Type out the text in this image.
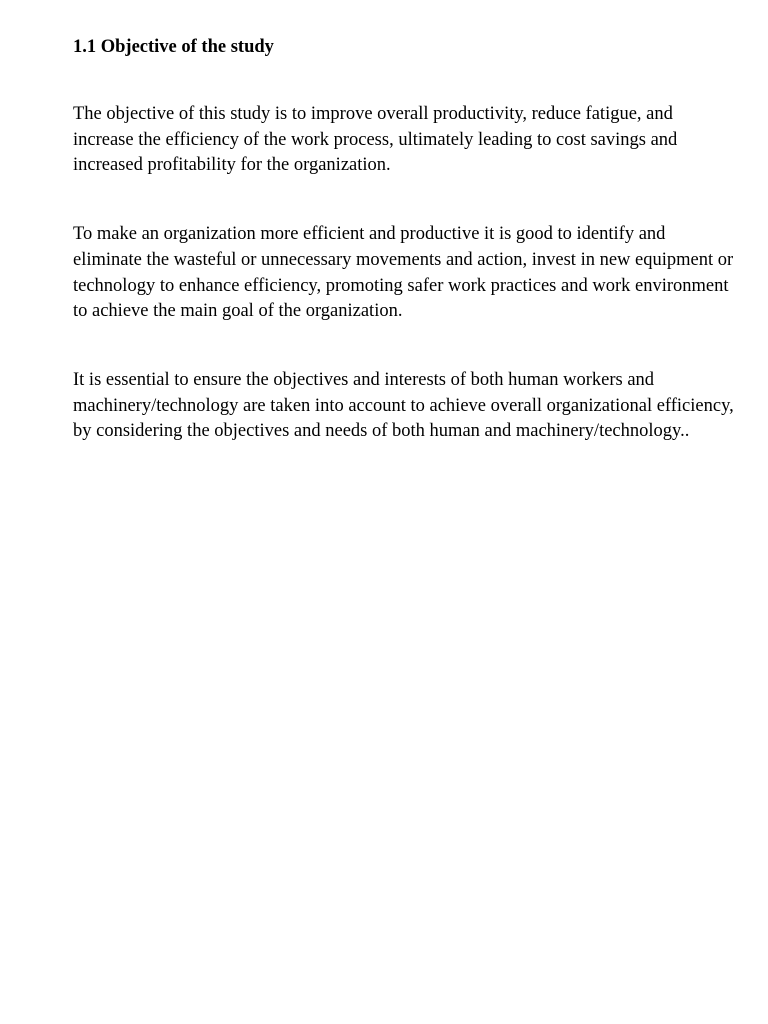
1.1 Objective of the study

The objective of this study is to improve overall productivity, reduce fatigue, and increase the efficiency of the work process, ultimately leading to cost savings and increased profitability for the organization.

To make an organization more efficient and productive it is good to identify and eliminate the wasteful or unnecessary movements and action, invest in new equipment or technology to enhance efficiency, promoting safer work practices and work environment to achieve the main goal of the organization.

It is essential to ensure the objectives and interests of both human workers and machinery/technology are taken into account to achieve overall organizational efficiency, by considering the objectives and needs of both human and machinery/technology..
